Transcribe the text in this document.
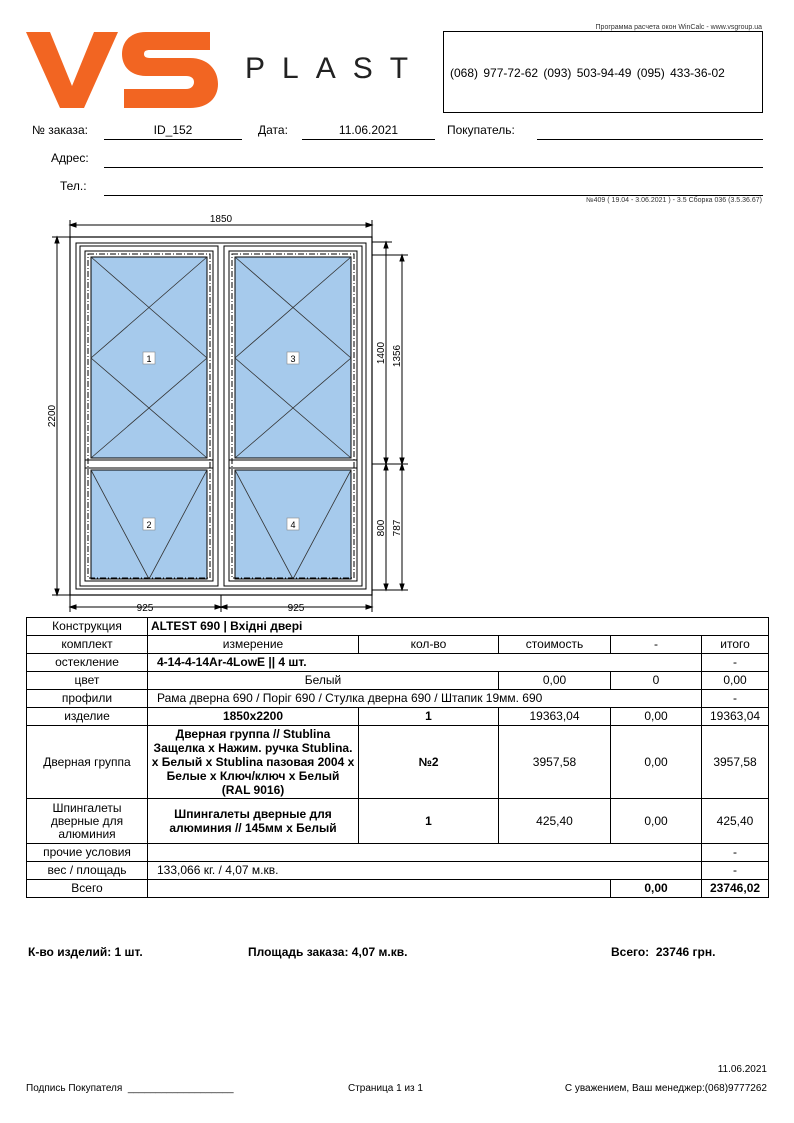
PLAST
Программа расчета окон WinCalc - www.vsgroup.ua
(068) 977-72-62 (093) 503-94-49 (095) 433-36-02
№ заказа:	ID_152	Дата:	11.06.2021	Покупатель:
Адрес:
Тел.:
№409 ( 19.04 - 3.06.2021 ) - 3.5 Сборка 036 (3.5.36.67)
1
2
3
4
1850
2200
925	925
1400 1356
800 787
Конструкция	ALTEST 690 | Вхідні двері				
комплект	измерение	кол-во	стоимость	-	итого
остекление	4-14-4-14Ar-4LowE || 4 шт.				-
цвет	Белый		0,00	0	0,00
профили	Рама дверна 690 / Поріг 690 / Стулка дверна 690 / Штапик 19мм. 690				-
изделие	1850x2200	1	19363,04	0,00	19363,04
Дверная группа	Дверная группа // Stublina Защелка х Нажим. ручка Stublina. х Белый х Stublina пазовая 2004 х Белые х Ключ/ключ х Белый (RAL 9016)	№2	3957,58	0,00	3957,58
Шпингалеты дверные для алюминия	Шпингалеты дверные для алюминия // 145мм х Белый	1	425,40	0,00	425,40
прочие условия					-
вес / площадь	133,066 кг. / 4,07 м.кв.				-
Всего				0,00	23746,02
К-во изделий: 1 шт.	Площадь заказа: 4,07 м.кв.	Всего:  23746 грн.
11.06.2021
Подпись Покупателя  ___________________	Страница 1 из 1	С уважением, Ваш менеджер:(068)9777262
